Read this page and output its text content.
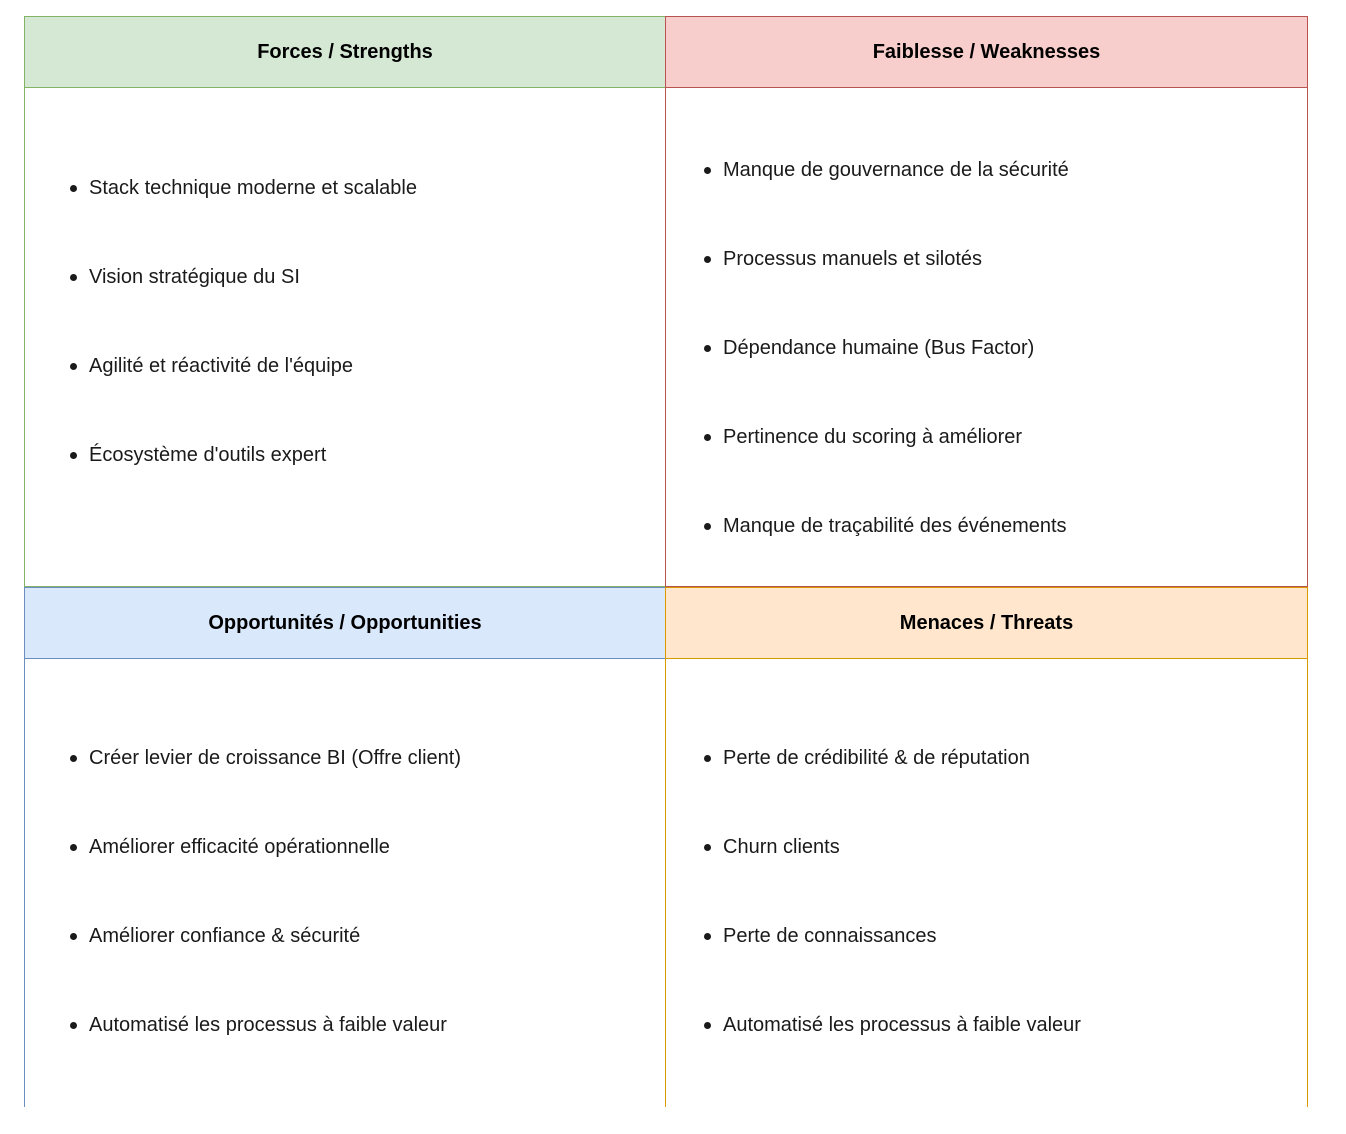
Forces / Strengths
Stack technique moderne et scalable
Vision stratégique du SI
Agilité et réactivité de l'équipe
Écosystème d'outils expert
Faiblesse / Weaknesses
Manque de gouvernance de la sécurité
Processus manuels et silotés
Dépendance humaine (Bus Factor)
Pertinence du scoring à améliorer
Manque de traçabilité des événements
Opportunités / Opportunities
Créer levier de croissance BI (Offre client)
Améliorer efficacité opérationnelle
Améliorer confiance & sécurité
Automatisé les processus à faible valeur
Menaces / Threats
Perte de crédibilité & de réputation
Churn clients
Perte de connaissances
Automatisé les processus à faible valeur
